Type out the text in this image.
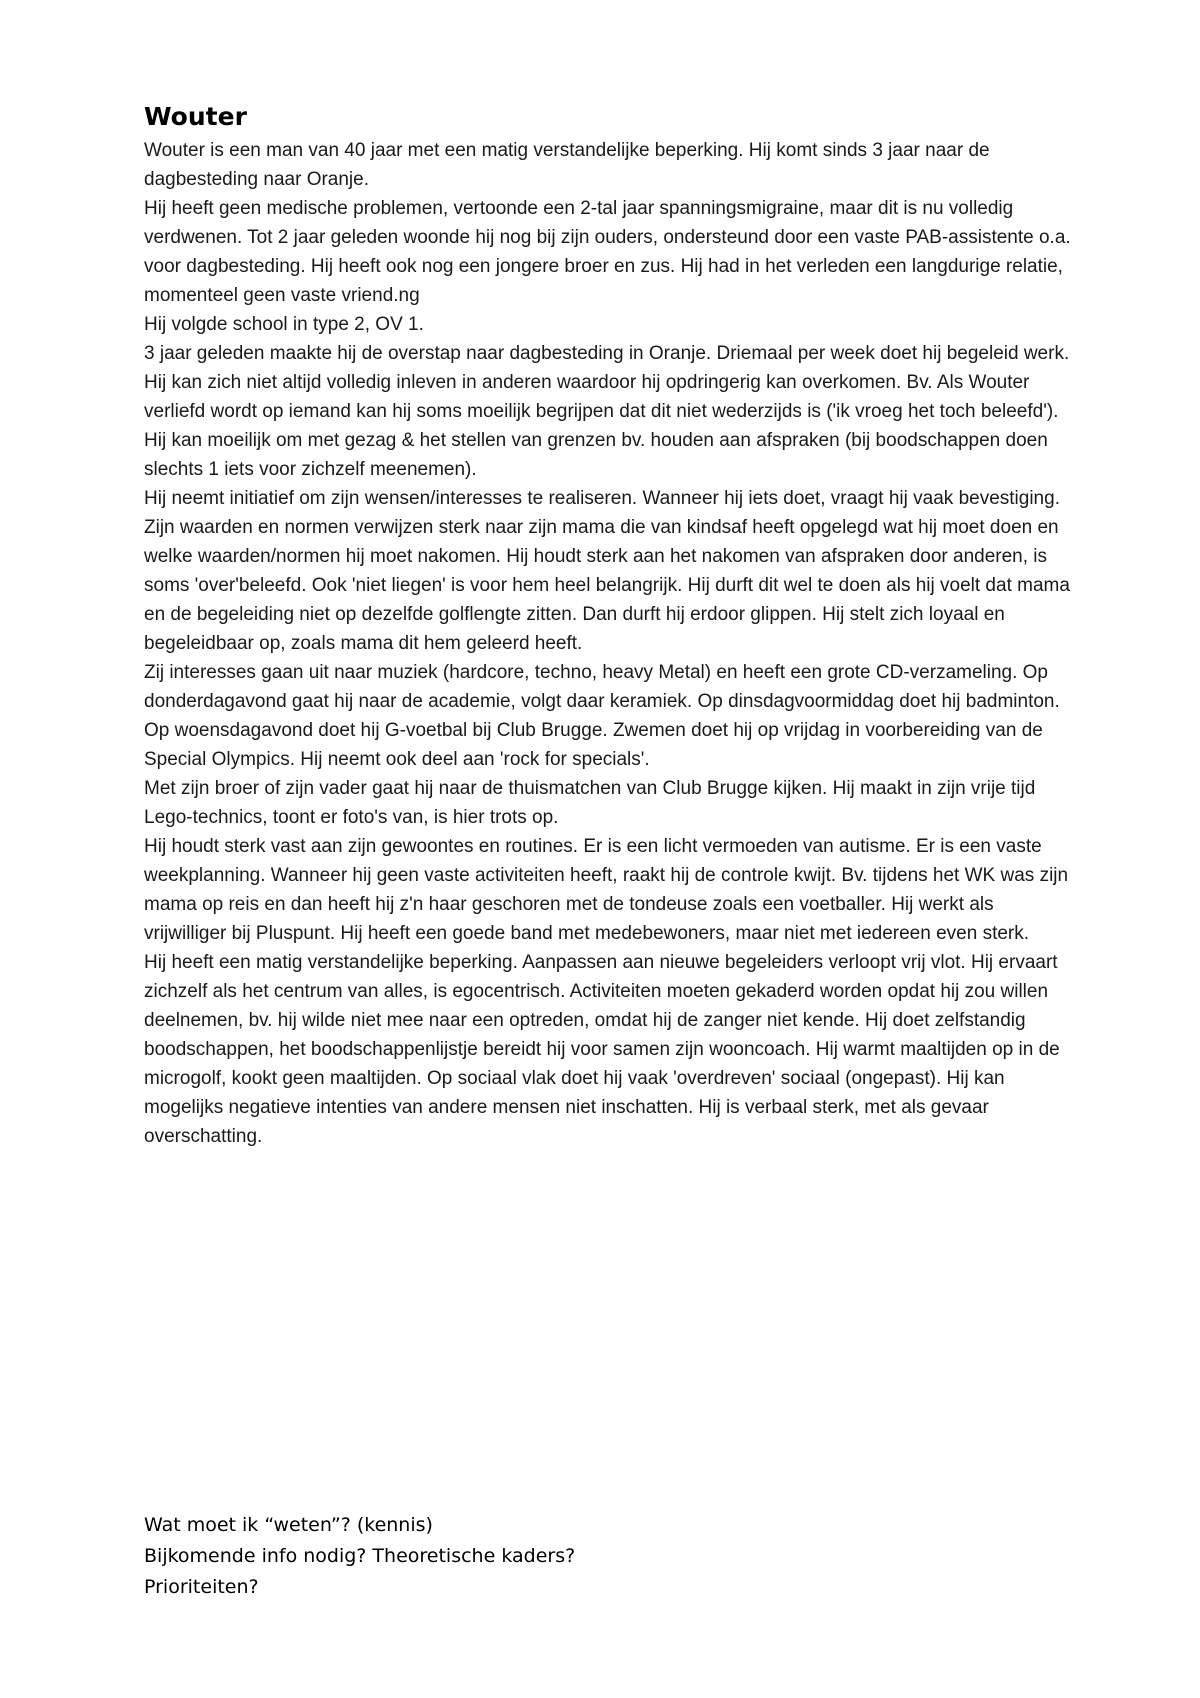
Wouter

Wouter is een man van 40 jaar met een matig verstandelijke beperking. Hij komt sinds 3 jaar naar de dagbesteding naar Oranje.

Hij heeft geen medische problemen, vertoonde een 2-tal jaar spanningsmigraine, maar dit is nu volledig verdwenen. Tot 2 jaar geleden woonde hij nog bij zijn ouders, ondersteund door een vaste PAB-assistente o.a. voor dagbesteding. Hij heeft ook nog een jongere broer en zus. Hij had in het verleden een langdurige relatie, momenteel geen vaste vriend.ng

Hij volgde school in type 2, OV 1.

3 jaar geleden maakte hij de overstap naar dagbesteding in Oranje. Driemaal per week doet hij begeleid werk. Hij kan zich niet altijd volledig inleven in anderen waardoor hij opdringerig kan overkomen. Bv. Als Wouter verliefd wordt op iemand kan hij soms moeilijk begrijpen dat dit niet wederzijds is ('ik vroeg het toch beleefd').

Hij kan moeilijk om met gezag & het stellen van grenzen bv. houden aan afspraken (bij boodschappen doen slechts 1 iets voor zichzelf meenemen).

Hij neemt initiatief om zijn wensen/interesses te realiseren. Wanneer hij iets doet, vraagt hij vaak bevestiging. Zijn waarden en normen verwijzen sterk naar zijn mama die van kindsaf heeft opgelegd wat hij moet doen en welke waarden/normen hij moet nakomen. Hij houdt sterk aan het nakomen van afspraken door anderen, is soms 'over'beleefd. Ook 'niet liegen' is voor hem heel belangrijk. Hij durft dit wel te doen als hij voelt dat mama en de begeleiding niet op dezelfde golflengte zitten. Dan durft hij erdoor glippen. Hij stelt zich loyaal en begeleidbaar op, zoals mama dit hem geleerd heeft.

Zij interesses gaan uit naar muziek (hardcore, techno, heavy Metal) en heeft een grote CD-verzameling. Op donderdagavond gaat hij naar de academie, volgt daar keramiek. Op dinsdagvoormiddag doet hij badminton. Op woensdagavond doet hij G-voetbal bij Club Brugge. Zwemen doet hij op vrijdag in voorbereiding van de Special Olympics. Hij neemt ook deel aan 'rock for specials'.

Met zijn broer of zijn vader gaat hij naar de thuismatchen van Club Brugge kijken. Hij maakt in zijn vrije tijd Lego-technics, toont er foto's van, is hier trots op.

Hij houdt sterk vast aan zijn gewoontes en routines. Er is een licht vermoeden van autisme. Er is een vaste weekplanning. Wanneer hij geen vaste activiteiten heeft, raakt hij de controle kwijt. Bv. tijdens het WK was zijn mama op reis en dan heeft hij z'n haar geschoren met de tondeuse zoals een voetballer. Hij werkt als vrijwilliger bij Pluspunt. Hij heeft een goede band met medebewoners, maar niet met iedereen even sterk.

Hij heeft een matig verstandelijke beperking. Aanpassen aan nieuwe begeleiders verloopt vrij vlot. Hij ervaart zichzelf als het centrum van alles, is egocentrisch. Activiteiten moeten gekaderd worden opdat hij zou willen deelnemen, bv. hij wilde niet mee naar een optreden, omdat hij de zanger niet kende. Hij doet zelfstandig boodschappen, het boodschappenlijstje bereidt hij voor samen zijn wooncoach. Hij warmt maaltijden op in de microgolf, kookt geen maaltijden. Op sociaal vlak doet hij vaak 'overdreven' sociaal (ongepast). Hij kan mogelijks negatieve intenties van andere mensen niet inschatten. Hij is verbaal sterk, met als gevaar overschatting.

Wat moet ik “weten”? (kennis)

Bijkomende info nodig? Theoretische kaders?

Prioriteiten?
